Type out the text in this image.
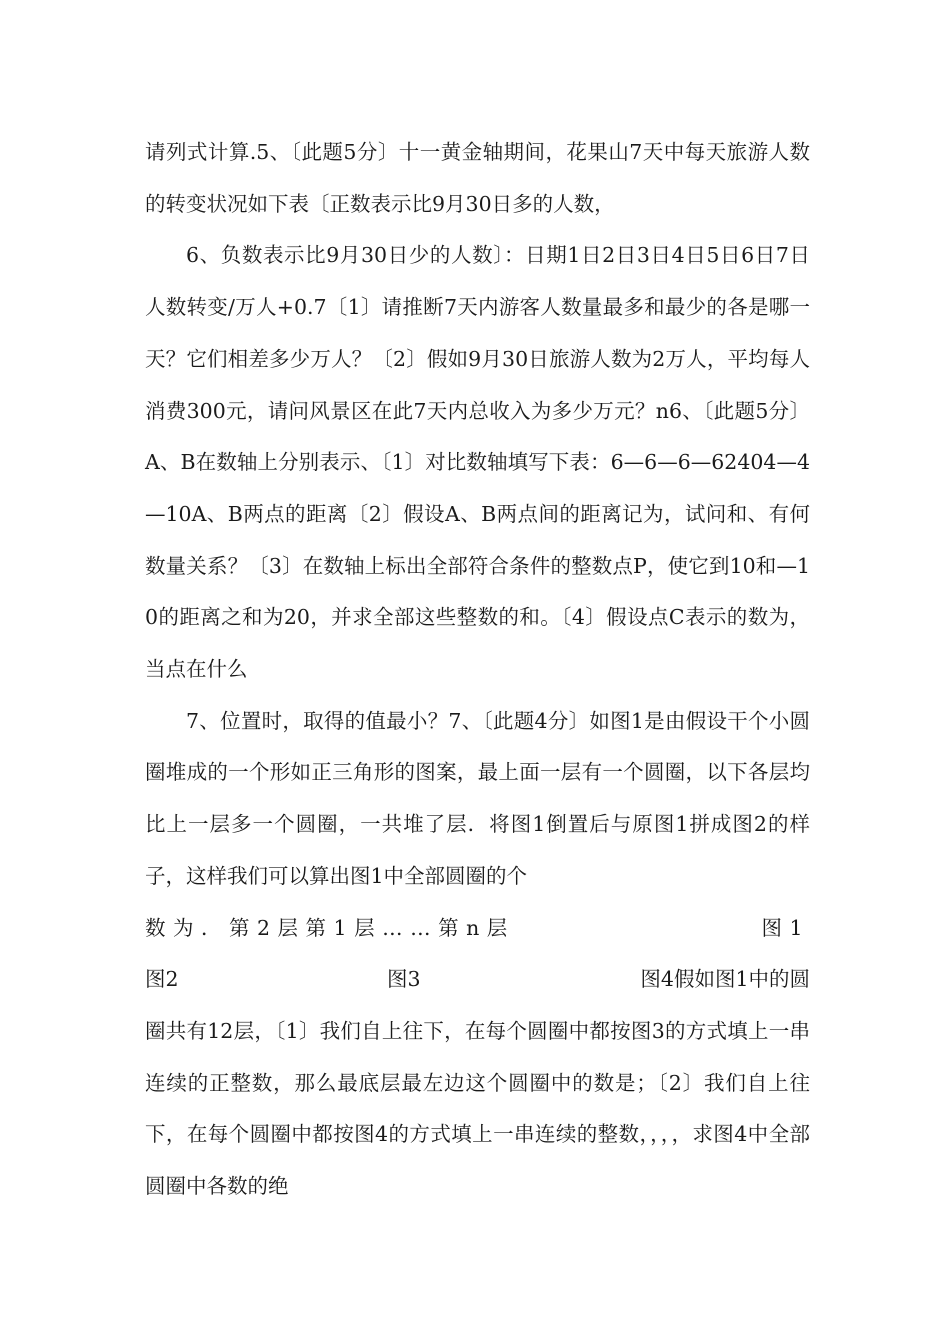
请列式计算.5、〔此题5分〕十一黄金轴期间，花果山7天中每天旅游人数的转变状况如下表〔正数表示比9月30日多的人数，

6、负数表示比9月30日少的人数〕：日期1日2日3日4日5日6日7日人数转变/万人+0.7〔1〕请推断7天内游客人数量最多和最少的各是哪一天？它们相差多少万人？〔2〕假如9月30日旅游人数为2万人，平均每人消费300元，请问风景区在此7天内总收入为多少万元？n6、〔此题5分〕A、B在数轴上分别表示、〔1〕对比数轴填写下表：6—6—6—62404—4—10A、B两点的距离〔2〕假设A、B两点间的距离记为，试问和、有何数量关系？〔3〕在数轴上标出全部符合条件的整数点P，使它到10和—10的距离之和为20，并求全部这些整数的和。〔4〕假设点C表示的数为，当点在什么

7、位置时，取得的值最小？7、〔此题4分〕如图1是由假设干个小圆圈堆成的一个形如正三角形的图案，最上面一层有一个圆圈，以下各层均比上一层多一个圆圈，一共堆了层．将图1倒置后与原图1拼成图2的样子，这样我们可以算出图1中全部圆圈的个

数为．第2层第1层……第n层	图1
图2	图3	图4假如图1中的圆

圈共有12层，〔1〕我们自上往下，在每个圆圈中都按图3的方式填上一串连续的正整数，那么最底层最左边这个圆圈中的数是；〔2〕我们自上往下，在每个圆圈中都按图4的方式填上一串连续的整数，，，，求图4中全部圆圈中各数的绝
